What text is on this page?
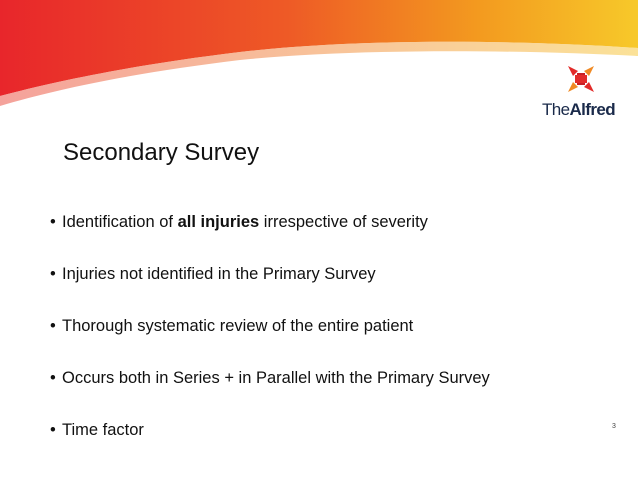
TheAlfred
Secondary Survey
• Identification of all injuries irrespective of severity
• Injuries not identified in the Primary Survey
• Thorough systematic review of the entire patient
• Occurs both in Series + in Parallel with the Primary Survey
• Time factor	3
